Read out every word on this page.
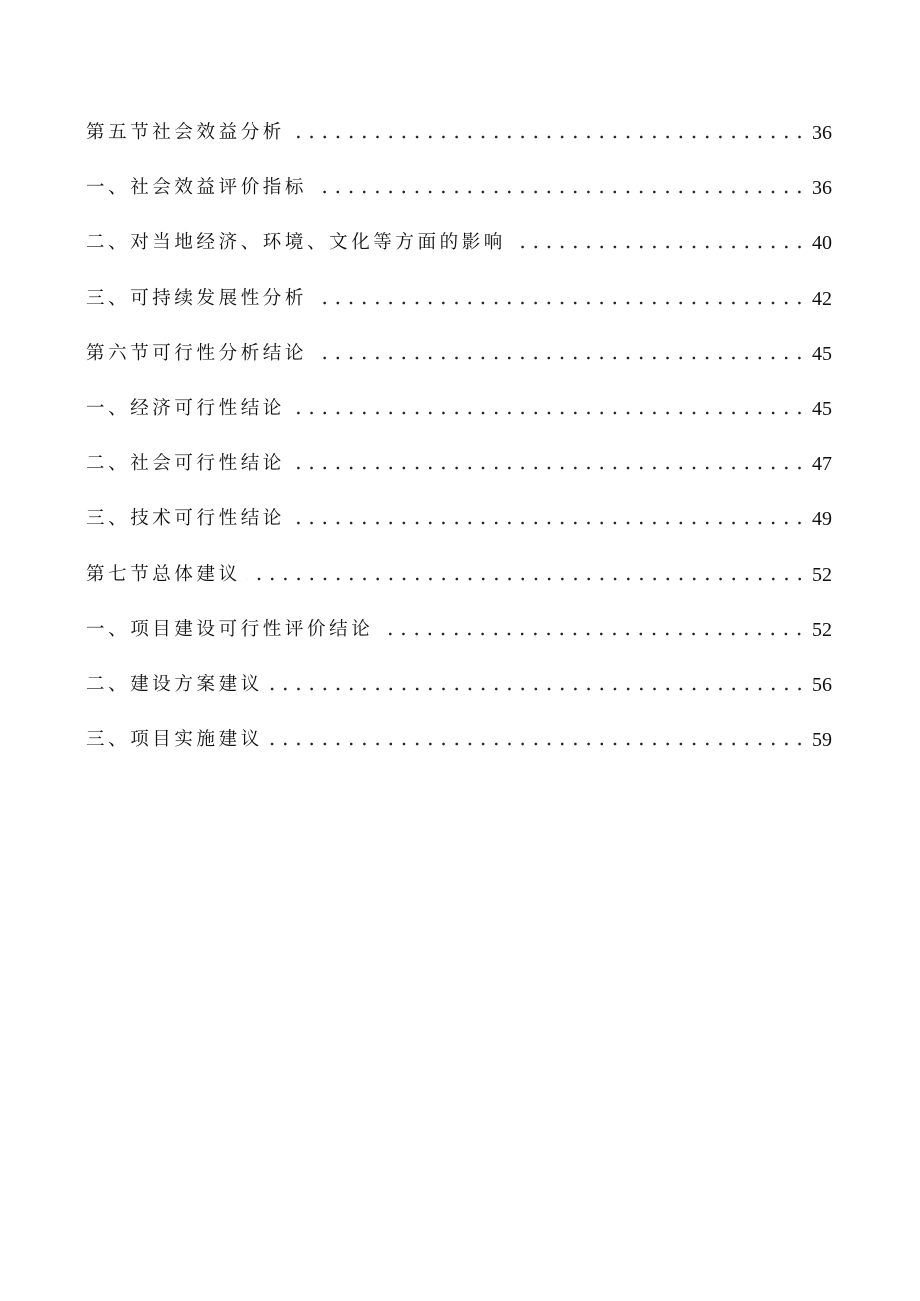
第五节社会效益分析	36
一、社会效益评价指标	36
二、对当地经济、环境、文化等方面的影响	40
三、可持续发展性分析	42
第六节可行性分析结论	45
一、经济可行性结论	45
二、社会可行性结论	47
三、技术可行性结论	49
第七节总体建议	52
一、项目建设可行性评价结论	52
二、建设方案建议	56
三、项目实施建议	59
